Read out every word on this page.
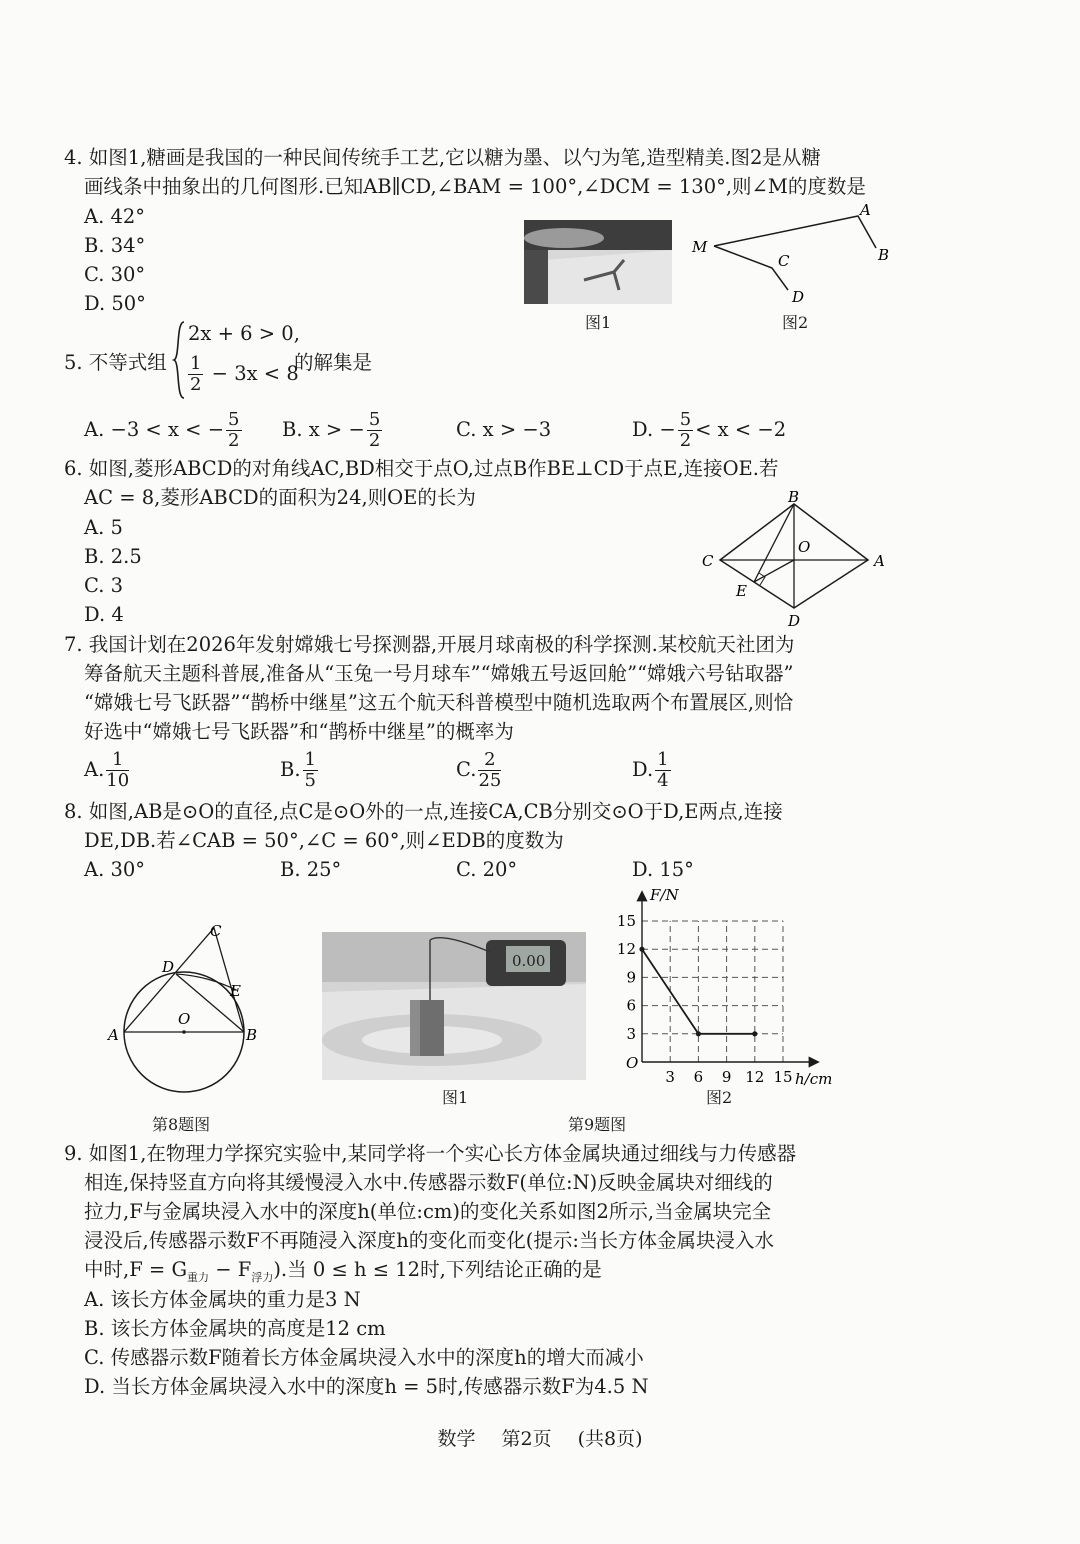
4. 如图1,糖画是我国的一种民间传统手工艺,它以糖为墨、以勺为笔,造型精美.图2是从糖
画线条中抽象出的几何图形.已知AB∥CD,∠BAM = 100°,∠DCM = 130°,则∠M的度数是
A. 42°
B. 34°
C. 30°
D. 50°
图1
M
A
B
C
D
图2
5. 不等式组
2x + 6 > 0,
$\frac{1}{2} - 3x < 8$
的解集是
A. −3 < x < − $\frac{5}{2} B$. x > − $\frac{5}{2}$	C. x > −3	D. − $\frac{5}{2} < x < -2$
6. 如图,菱形ABCD的对角线AC,BD相交于点O,过点B作BE⊥CD于点E,连接OE.若
AC = 8,菱形ABCD的面积为24,则OE的长为
A. 5
B. 2.5
C. 3
D. 4
B
A
C
D
E
O
7. 我国计划在2026年发射嫦娥七号探测器,开展月球南极的科学探测.某校航天社团为
筹备航天主题科普展,准备从“玉兔一号月球车”“嫦娥五号返回舱”“嫦娥六号钻取器”
“嫦娥七号飞跃器”“鹊桥中继星”这五个航天科普模型中随机选取两个布置展区,则恰
好选中“嫦娥七号飞跃器”和“鹊桥中继星”的概率为
A. $\frac{1}{10}$	B. $\frac{1}{5}$	C. $\frac{2}{25}$	D. $\frac{1}{4}$
8. 如图,AB是⊙O的直径,点C是⊙O外的一点,连接CA,CB分别交⊙O于D,E两点,连接
DE,DB.若∠CAB = 50°,∠C = 60°,则∠EDB的度数为
A. 30°	B. 25°	C. 20°	D. 15°
C
D
E
A	B
O
第8题图
0.00
图1
3 6 9 12 15
3
6
9
12
15
F/N
h/cm
O
图2
第9题图
9. 如图1,在物理力学探究实验中,某同学将一个实心长方体金属块通过细线与力传感器
相连,保持竖直方向将其缓慢浸入水中.传感器示数F(单位:N)反映金属块对细线的
拉力,F与金属块浸入水中的深度h(单位:cm)的变化关系如图2所示,当金属块完全
浸没后,传感器示数F不再随浸入深度h的变化而变化(提示:当长方体金属块浸入水
中时$,F = G_{重力} - F_{浮力}$).当 0 ≤ h ≤ 12时,下列结论正确的是
A. 该长方体金属块的重力是3 N
B. 该长方体金属块的高度是12 cm
C. 传感器示数F随着长方体金属块浸入水中的深度h的增大而减小
D. 当长方体金属块浸入水中的深度h = 5时,传感器示数F为4.5 N
数学 第2页 (共8页)
